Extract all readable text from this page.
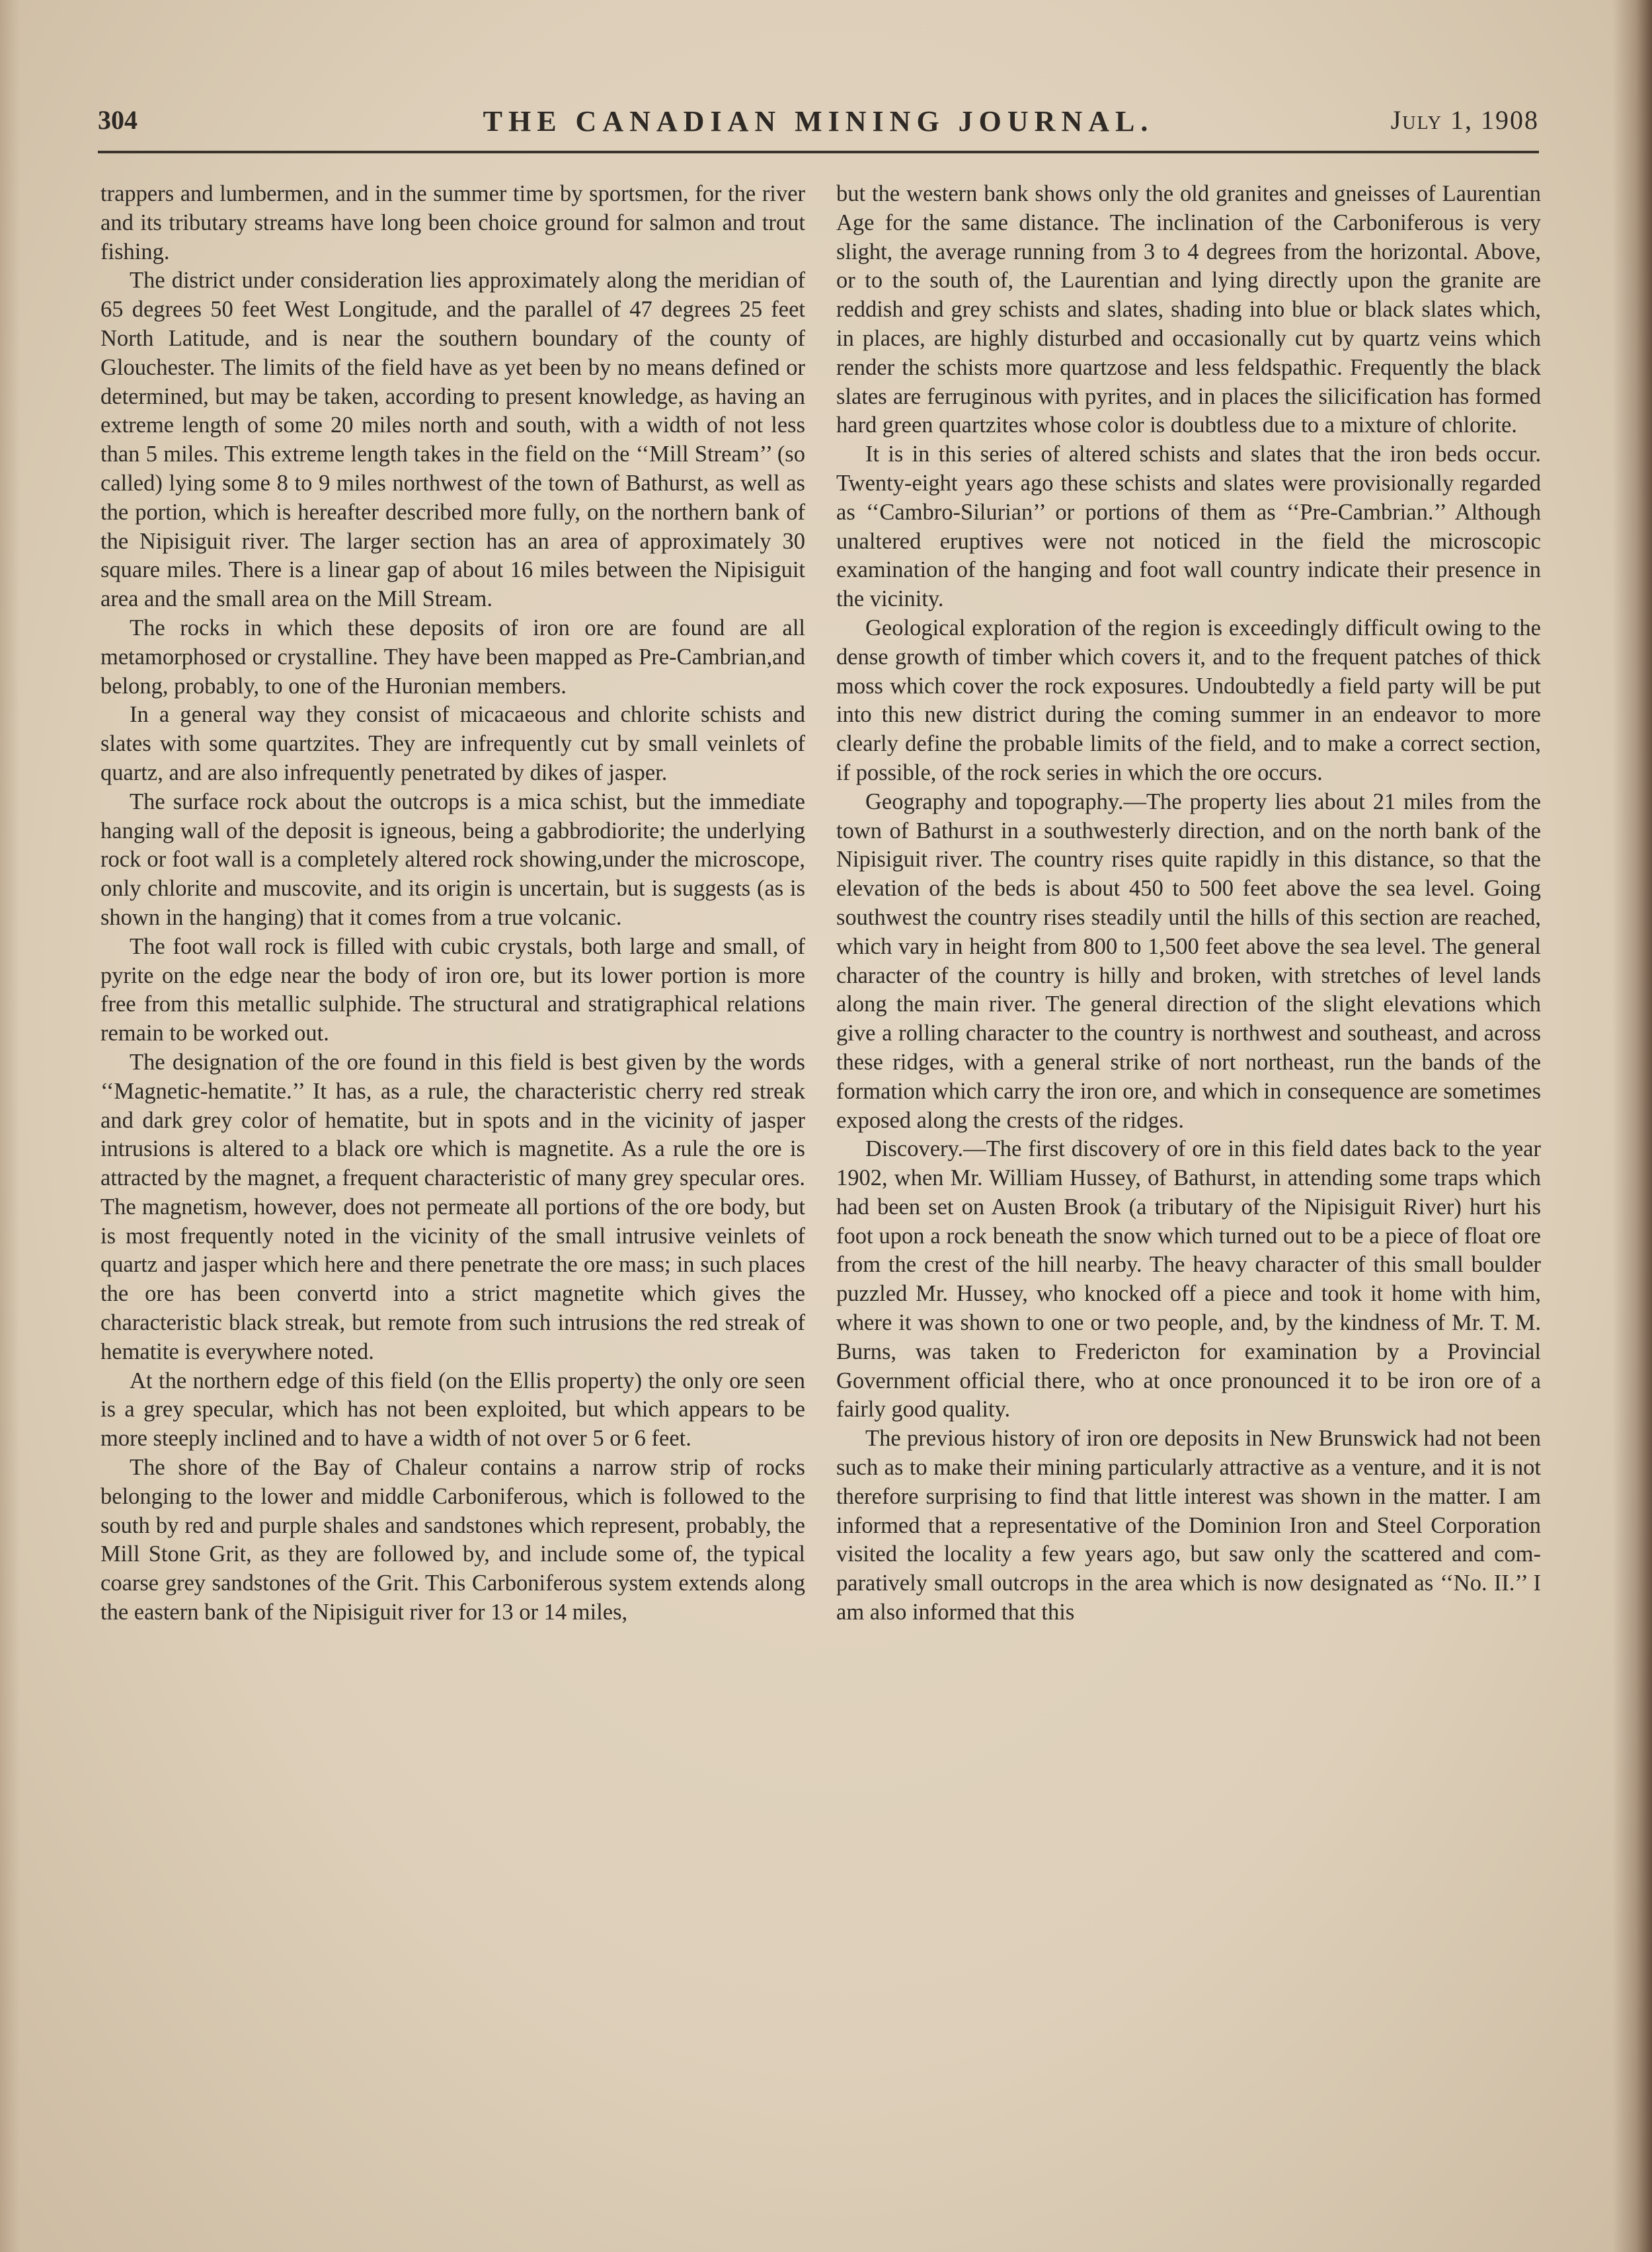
304	THE CANADIAN MINING JOURNAL.	July 1, 1908

trappers and lumbermen, and in the summer time by sportsmen, for the river and its tributary streams have long been choice ground for salmon and trout fishing.

The district under consideration lies approximately along the meridian of 65 degrees 50 feet West Longitude, and the parallel of 47 degrees 25 feet North Latitude, and is near the southern boundary of the county of Glouchester. The limits of the field have as yet been by no means defined or determined, but may be taken, according to present knowledge, as having an extreme length of some 20 miles north and south, with a width of not less than 5 miles. This extreme length takes in the field on the ‘‘Mill Stream’’ (so called) lying some 8 to 9 miles northwest of the town of Bathurst, as well as the portion, which is hereafter described more fully, on the northern bank of the Nipisiguit river. The larger section has an area of approximately 30 square miles. There is a linear gap of about 16 miles between the Nipisiguit area and the small area on the Mill Stream.

The rocks in which these deposits of iron ore are found are all metamorphosed or crystalline. They have been mapped as Pre-Cambrian,and belong, probably, to one of the Huronian members.

In a general way they consist of micacaeous and chlorite schists and slates with some quartzites. They are infrequently cut by small veinlets of quartz, and are also infrequently penetrated by dikes of jasper.

The surface rock about the outcrops is a mica schist, but the immediate hanging wall of the deposit is igneous, being a gabbrodiorite; the underlying rock or foot wall is a completely altered rock showing,under the microscope, only chlorite and muscovite, and its origin is uncertain, but is suggests (as is shown in the hanging) that it comes from a true volcanic.

The foot wall rock is filled with cubic crystals, both large and small, of pyrite on the edge near the body of iron ore, but its lower portion is more free from this metallic sulphide. The structural and stratigraphical relations remain to be worked out.

The designation of the ore found in this field is best given by the words ‘‘Magnetic-hematite.’’ It has, as a rule, the characteristic cherry red streak and dark grey color of hematite, but in spots and in the vicinity of jasper intrusions is altered to a black ore which is magnetite. As a rule the ore is attracted by the magnet, a frequent characteristic of many grey specular ores. The magnetism, however, does not permeate all portions of the ore body, but is most frequently noted in the vicinity of the small intrusive veinlets of quartz and jasper which here and there penetrate the ore mass; in such places the ore has been convertd into a strict magnetite which gives the characteristic black streak, but remote from such intrusions the red streak of hematite is everywhere noted.

At the northern edge of this field (on the Ellis property) the only ore seen is a grey specular, which has not been exploited, but which appears to be more steeply inclined and to have a width of not over 5 or 6 feet.

The shore of the Bay of Chaleur contains a narrow strip of rocks belonging to the lower and middle Carboniferous, which is followed to the south by red and purple shales and sandstones which represent, probably, the Mill Stone Grit, as they are followed by, and include some of, the typical coarse grey sandstones of the Grit. This Carboniferous system extends along the eastern bank of the Nipisiguit river for 13 or 14 miles,

but the western bank shows only the old granites and gneisses of Laurentian Age for the same distance. The inclination of the Carboniferous is very slight, the average running from 3 to 4 degrees from the horizontal. Above, or to the south of, the Laurentian and lying directly upon the granite are reddish and grey schists and slates, shading into blue or black slates which, in places, are highly disturbed and occasionally cut by quartz veins which render the schists more quartzose and less feldspathic. Frequently the black slates are ferruginous with pyrites, and in places the silicification has formed hard green quartzites whose color is doubtless due to a mixture of chlorite.

It is in this series of altered schists and slates that the iron beds occur. Twenty-eight years ago these schists and slates were provisionally regarded as ‘‘Cambro-Silurian’’ or portions of them as ‘‘Pre-Cambrian.’’ Although unaltered eruptives were not noticed in the field the microscopic examination of the hanging and foot wall country indicate their presence in the vicinity.

Geological exploration of the region is exceedingly difficult owing to the dense growth of timber which covers it, and to the frequent patches of thick moss which cover the rock exposures. Undoubtedly a field party will be put into this new district during the coming summer in an endeavor to more clearly define the probable limits of the field, and to make a correct section, if possible, of the rock series in which the ore occurs.

Geography and topography.—The property lies about 21 miles from the town of Bathurst in a southwesterly direction, and on the north bank of the Nipisiguit river. The country rises quite rapidly in this distance, so that the elevation of the beds is about 450 to 500 feet above the sea level. Going southwest the country rises steadily until the hills of this section are reached, which vary in height from 800 to 1,500 feet above the sea level. The general character of the country is hilly and broken, with stretches of level lands along the main river. The general direction of the slight elevations which give a rolling character to the country is northwest and southeast, and across these ridges, with a general strike of nort northeast, run the bands of the formation which carry the iron ore, and which in consequence are sometimes exposed along the crests of the ridges.

Discovery.—The first discovery of ore in this field dates back to the year 1902, when Mr. William Hussey, of Bathurst, in attending some traps which had been set on Austen Brook (a tributary of the Nipisiguit River) hurt his foot upon a rock beneath the snow which turned out to be a piece of float ore from the crest of the hill nearby. The heavy character of this small boulder puzzled Mr. Hussey, who knocked off a piece and took it home with him, where it was shown to one or two people, and, by the kindness of Mr. T. M. Burns, was taken to Fredericton for examination by a Provincial Government official there, who at once pronounced it to be iron ore of a fairly good quality.

The previous history of iron ore deposits in New Brunswick had not been such as to make their mining particularly attractive as a venture, and it is not therefore surprising to find that little interest was shown in the matter. I am informed that a representative of the Dominion Iron and Steel Corporation visited the locality a few years ago, but saw only the scattered and comparatively small outcrops in the area which is now designated as ‘‘No. II.’’ I am also informed that this
